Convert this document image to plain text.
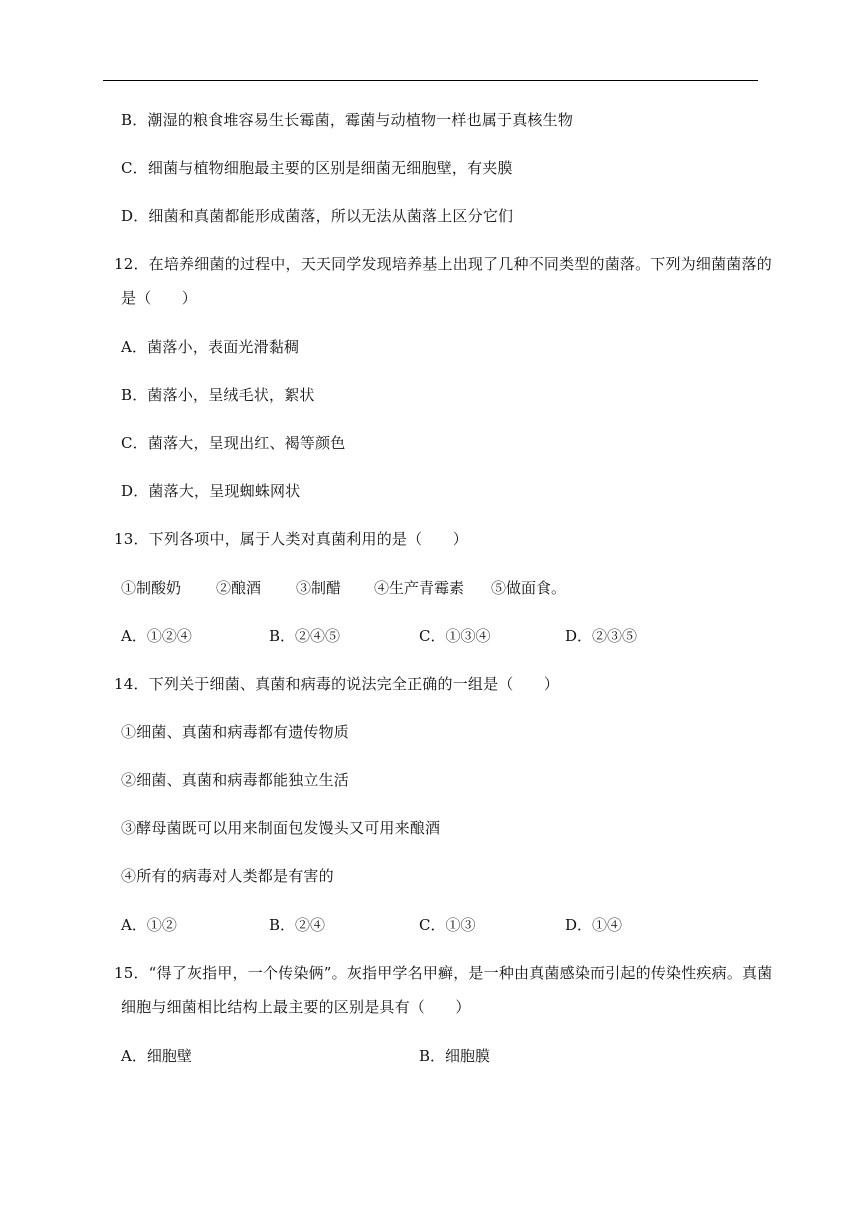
B．潮湿的粮食堆容易生长霉菌，霉菌与动植物一样也属于真核生物
C．细菌与植物细胞最主要的区别是细菌无细胞壁，有夹膜
D．细菌和真菌都能形成菌落，所以无法从菌落上区分它们
12．在培养细菌的过程中，天天同学发现培养基上出现了几种不同类型的菌落。下列为细菌菌落的
是（　　）
A．菌落小，表面光滑黏稠
B．菌落小，呈绒毛状，絮状
C．菌落大，呈现出红、褐等颜色
D．菌落大，呈现蜘蛛网状
13．下列各项中，属于人类对真菌利用的是（　　）
①制酸奶 ②酿酒 ③制醋 ④生产青霉素 ⑤做面食。
A．①②④	B．②④⑤	C．①③④	D．②③⑤
14．下列关于细菌、真菌和病毒的说法完全正确的一组是（　　）
①细菌、真菌和病毒都有遗传物质
②细菌、真菌和病毒都能独立生活
③酵母菌既可以用来制面包发馒头又可用来酿酒
④所有的病毒对人类都是有害的
A．①②	B．②④	C．①③	D．①④
15．“得了灰指甲，一个传染俩”。灰指甲学名甲癣，是一种由真菌感染而引起的传染性疾病。真菌
细胞与细菌相比结构上最主要的区别是具有（　　）
A．细胞壁	B．细胞膜
